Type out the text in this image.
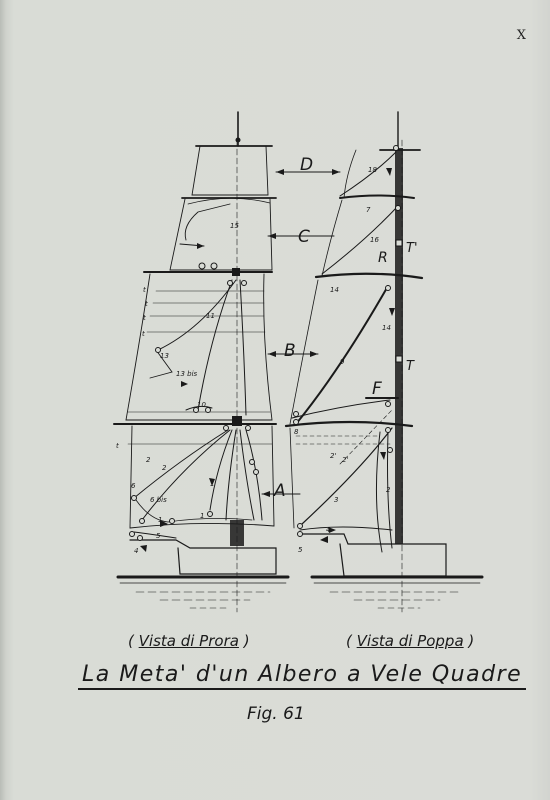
X
15
11
13
13 bis
10
2
2
6
6 bis
1
1	1
5
4
t
t
t
t
t
D
C
B
A
18
7
16
14
14
9
8
2' 2'
2
3
4
5
F
R
T
T'
( Vista di Prora )	( Vista di Poppa )
La Meta' d'un Albero a Vele Quadre
Fig. 61
